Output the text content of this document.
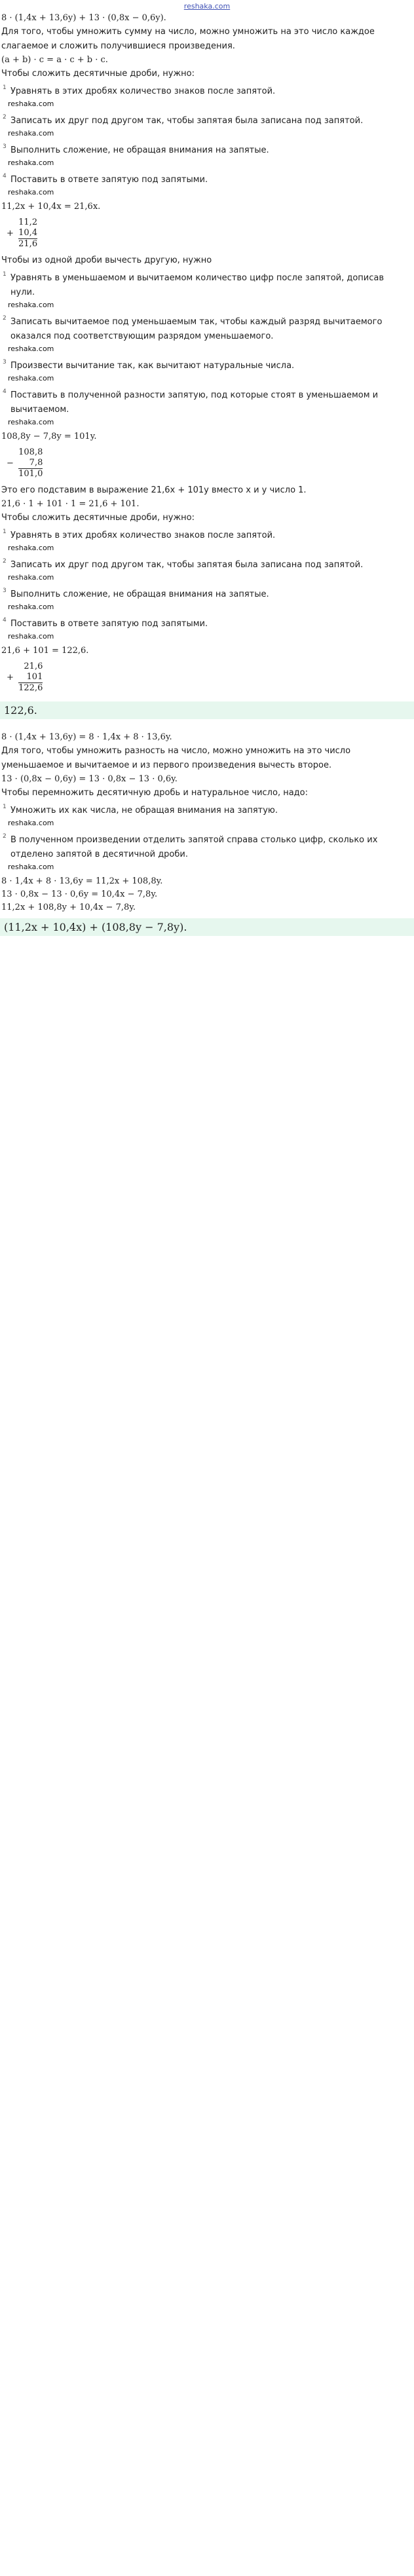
reshaka.com
8 · (1,4x + 13,6y) + 13 · (0,8x − 0,6y).
Для того, чтобы умножить сумму на число, можно умножить на это число каждое слагаемое и сложить получившиеся произведения.
(a + b) · c = a · c + b · c.
Чтобы сложить десятичные дроби, нужно:
1 Уравнять в этих дробях количество знаков после запятой.reshaka.com
2 Записать их друг под другом так, чтобы запятая была записана под запятой.reshaka.com
3 Выполнить сложение, не обращая внимания на запятые.reshaka.com
4 Поставить в ответе запятую под запятыми.reshaka.com
11,2x + 10,4x = 21,6x.
+
11,2
10,4
21,6
Чтобы из одной дроби вычесть другую, нужно
1 Уравнять в уменьшаемом и вычитаемом количество цифр после запятой, дописав нули.reshaka.com
2 Записать вычитаемое под уменьшаемым так, чтобы каждый разряд вычитаемого оказался под соответствующим разрядом уменьшаемого.reshaka.com
3 Произвести вычитание так, как вычитают натуральные числа.reshaka.com
4 Поставить в полученной разности запятую, под которые стоят в уменьшаемом и вычитаемом.reshaka.com
108,8y − 7,8y = 101y.
−
108,8
7,8
101,0
Это его подставим в выражение 21,6x + 101y вместо x и y число 1.
21,6 · 1 + 101 · 1 = 21,6 + 101.
Чтобы сложить десятичные дроби, нужно:
1 Уравнять в этих дробях количество знаков после запятой.reshaka.com
2 Записать их друг под другом так, чтобы запятая была записана под запятой.reshaka.com
3 Выполнить сложение, не обращая внимания на запятые.reshaka.com
4 Поставить в ответе запятую под запятыми.reshaka.com
21,6 + 101 = 122,6.
+
21,6
101
122,6
122,6.
8 · (1,4x + 13,6y) = 8 · 1,4x + 8 · 13,6y.
Для того, чтобы умножить разность на число, можно умножить на это число уменьшаемое и вычитаемое и из первого произведения вычесть второе.
13 · (0,8x − 0,6y) = 13 · 0,8x − 13 · 0,6y.
Чтобы перемножить десятичную дробь и натуральное число, надо:
1 Умножить их как числа, не обращая внимания на запятую.reshaka.com
2 В полученном произведении отделить запятой справа столько цифр, сколько их отделено запятой в десятичной дроби.reshaka.com
8 · 1,4x + 8 · 13,6y = 11,2x + 108,8y.
13 · 0,8x − 13 · 0,6y = 10,4x − 7,8y.
11,2x + 108,8y + 10,4x − 7,8y.
(11,2x + 10,4x) + (108,8y − 7,8y).
